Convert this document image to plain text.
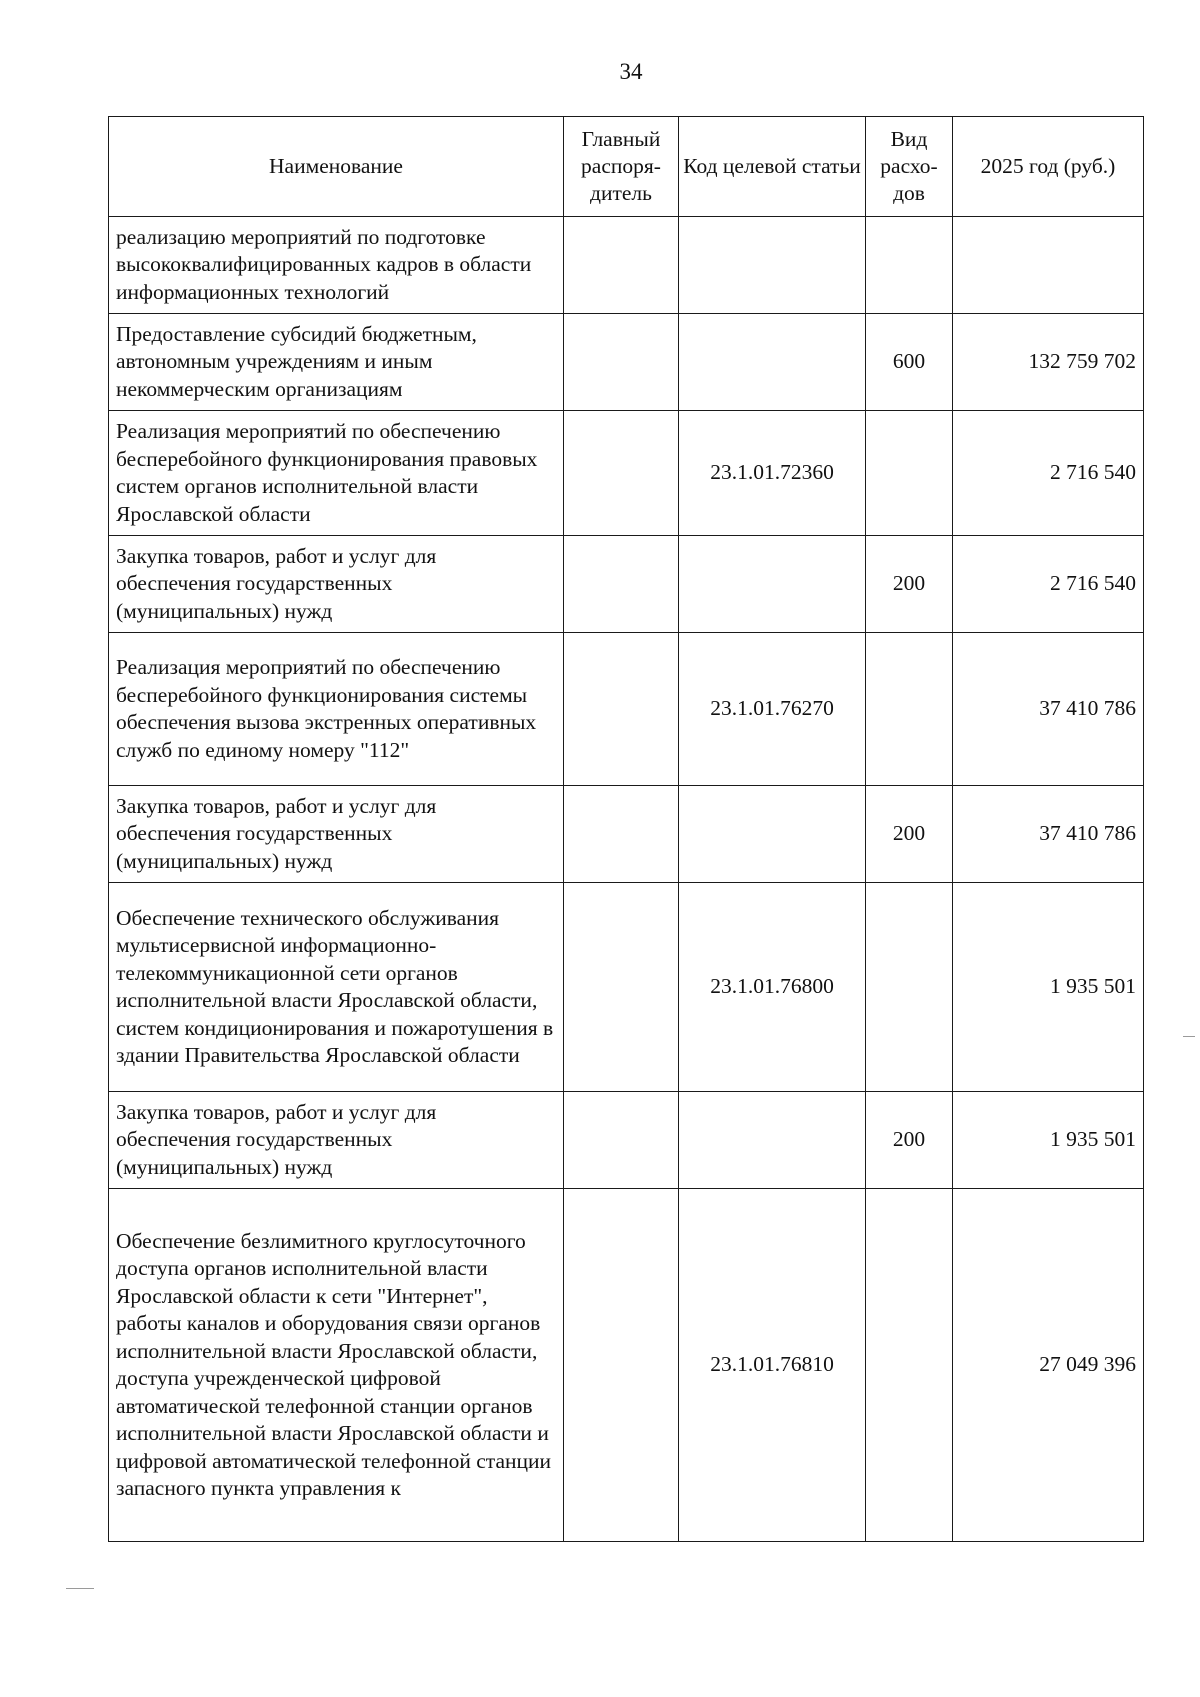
34
Наименование	Главный распоря-дитель	Код целевой статьи	Вид расхо-дов	2025 год (руб.)
реализацию мероприятий по подготовке высококвалифицированных кадров в области информационных технологий				
Предоставление субсидий бюджетным, автономным учреждениям и иным некоммерческим организациям			600	132 759 702
Реализация мероприятий по обеспечению бесперебойного функционирования правовых систем органов исполнительной власти Ярославской области		23.1.01.72360		2 716 540
Закупка товаров, работ и услуг для обеспечения государственных (муниципальных) нужд			200	2 716 540
Реализация мероприятий по обеспечению бесперебойного функционирования системы обеспечения вызова экстренных оперативных служб по единому номеру "112"		23.1.01.76270		37 410 786
Закупка товаров, работ и услуг для обеспечения государственных (муниципальных) нужд			200	37 410 786
Обеспечение технического обслуживания мультисервисной информационно-телекоммуникационной сети органов исполнительной власти Ярославской области, систем кондиционирования и пожаротушения в здании Правительства Ярославской области		23.1.01.76800		1 935 501
Закупка товаров, работ и услуг для обеспечения государственных (муниципальных) нужд			200	1 935 501
Обеспечение безлимитного круглосуточного доступа органов исполнительной власти Ярославской области к сети "Интернет", работы каналов и оборудования связи органов исполнительной власти Ярославской области, доступа учрежденческой цифровой автоматической телефонной станции органов исполнительной власти Ярославской области и цифровой автоматической телефонной станции запасного пункта управления к		23.1.01.76810		27 049 396
